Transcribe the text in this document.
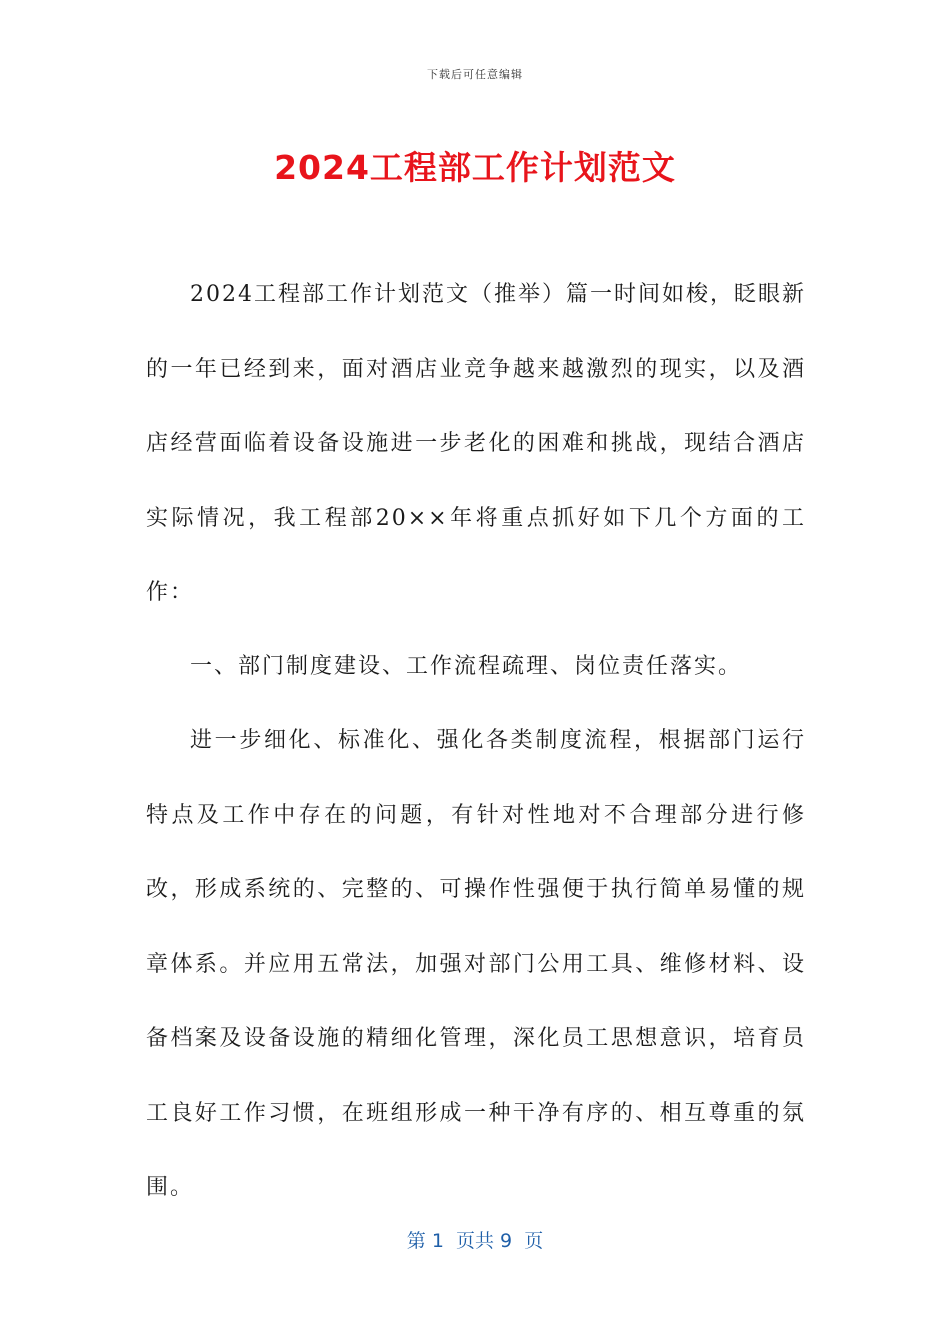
下载后可任意编辑
2024工程部工作计划范文

2024工程部工作计划范文（推举）篇一时间如梭，眨眼新的一年已经到来，面对酒店业竞争越来越激烈的现实，以及酒店经营面临着设备设施进一步老化的困难和挑战，现结合酒店实际情况，我工程部20××年将重点抓好如下几个方面的工作：

一、部门制度建设、工作流程疏理、岗位责任落实。

进一步细化、标准化、强化各类制度流程，根据部门运行特点及工作中存在的问题，有针对性地对不合理部分进行修改，形成系统的、完整的、可操作性强便于执行简单易懂的规章体系。并应用五常法，加强对部门公用工具、维修材料、设备档案及设备设施的精细化管理，深化员工思想意识，培育员工良好工作习惯，在班组形成一种干净有序的、相互尊重的氛围。

第 1  页共 9  页
